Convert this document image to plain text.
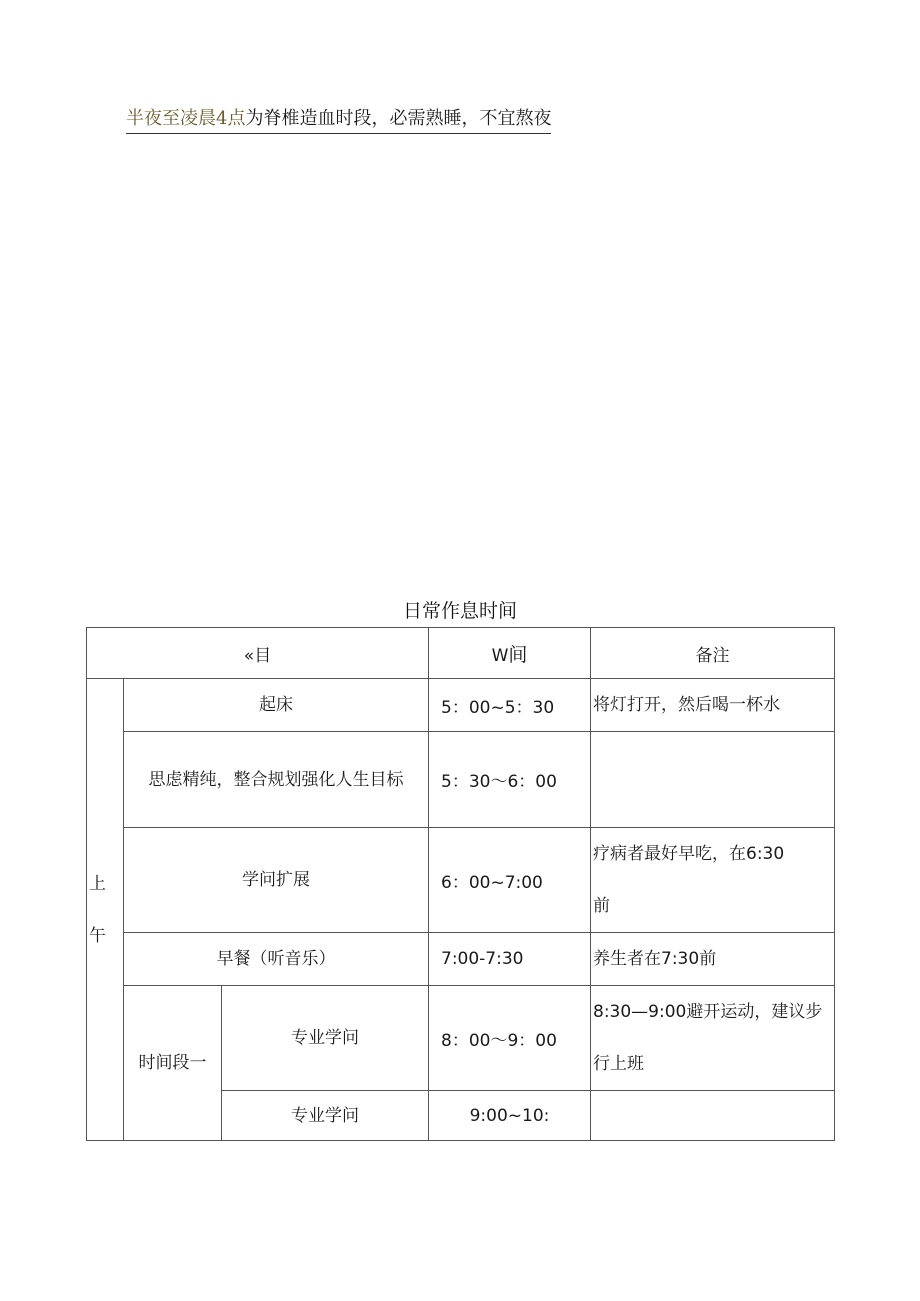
半夜至凌晨4点为脊椎造血时段，必需熟睡，不宜熬夜
日常作息时间
«目			W间	备注

上午	起床		5：00~5：30	将灯打开，然后喝一杯水

	思虑精纯，整合规划强化人生目标		5：30～6：00	
	学问扩展		6：00~7:00	疗病者最好早吃，在6:30
前
	早餐（听音乐）		7:00-7:30	养生者在7:30前
	时间段一	专业学问	8：00～9：00	8:30—9:00避开运动，建议步行上班
		专业学问	9:00~10:	
